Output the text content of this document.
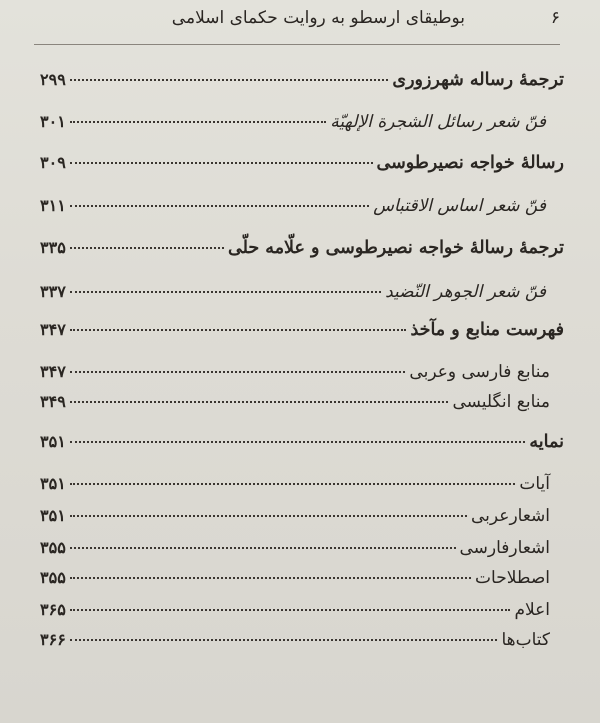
۶
بوطیقای ارسطو به روایت حکمای اسلامی
ترجمۀ رساله شهرزوری
۲۹۹
فنّ شعر رسائل الشجرة الإلهيّة
۳۰۱
رسالۀ خواجه نصیرطوسی
۳۰۹
فنّ شعر اساس الاقتباس
۳۱۱
ترجمۀ رسالۀ خواجه نصیرطوسی و علّامه حلّی
۳۳۵
فنّ شعر الجوهر النّضید
۳۳۷
فهرست منابع و مآخذ
۳۴۷
منابع فارسی وعربی
۳۴۷
منابع انگلیسی
۳۴۹
نمایه
۳۵۱
آیات
۳۵۱
اشعارعربی
۳۵۱
اشعارفارسی
۳۵۵
اصطلاحات
۳۵۵
اعلام
۳۶۵
کتاب‌ها
۳۶۶
